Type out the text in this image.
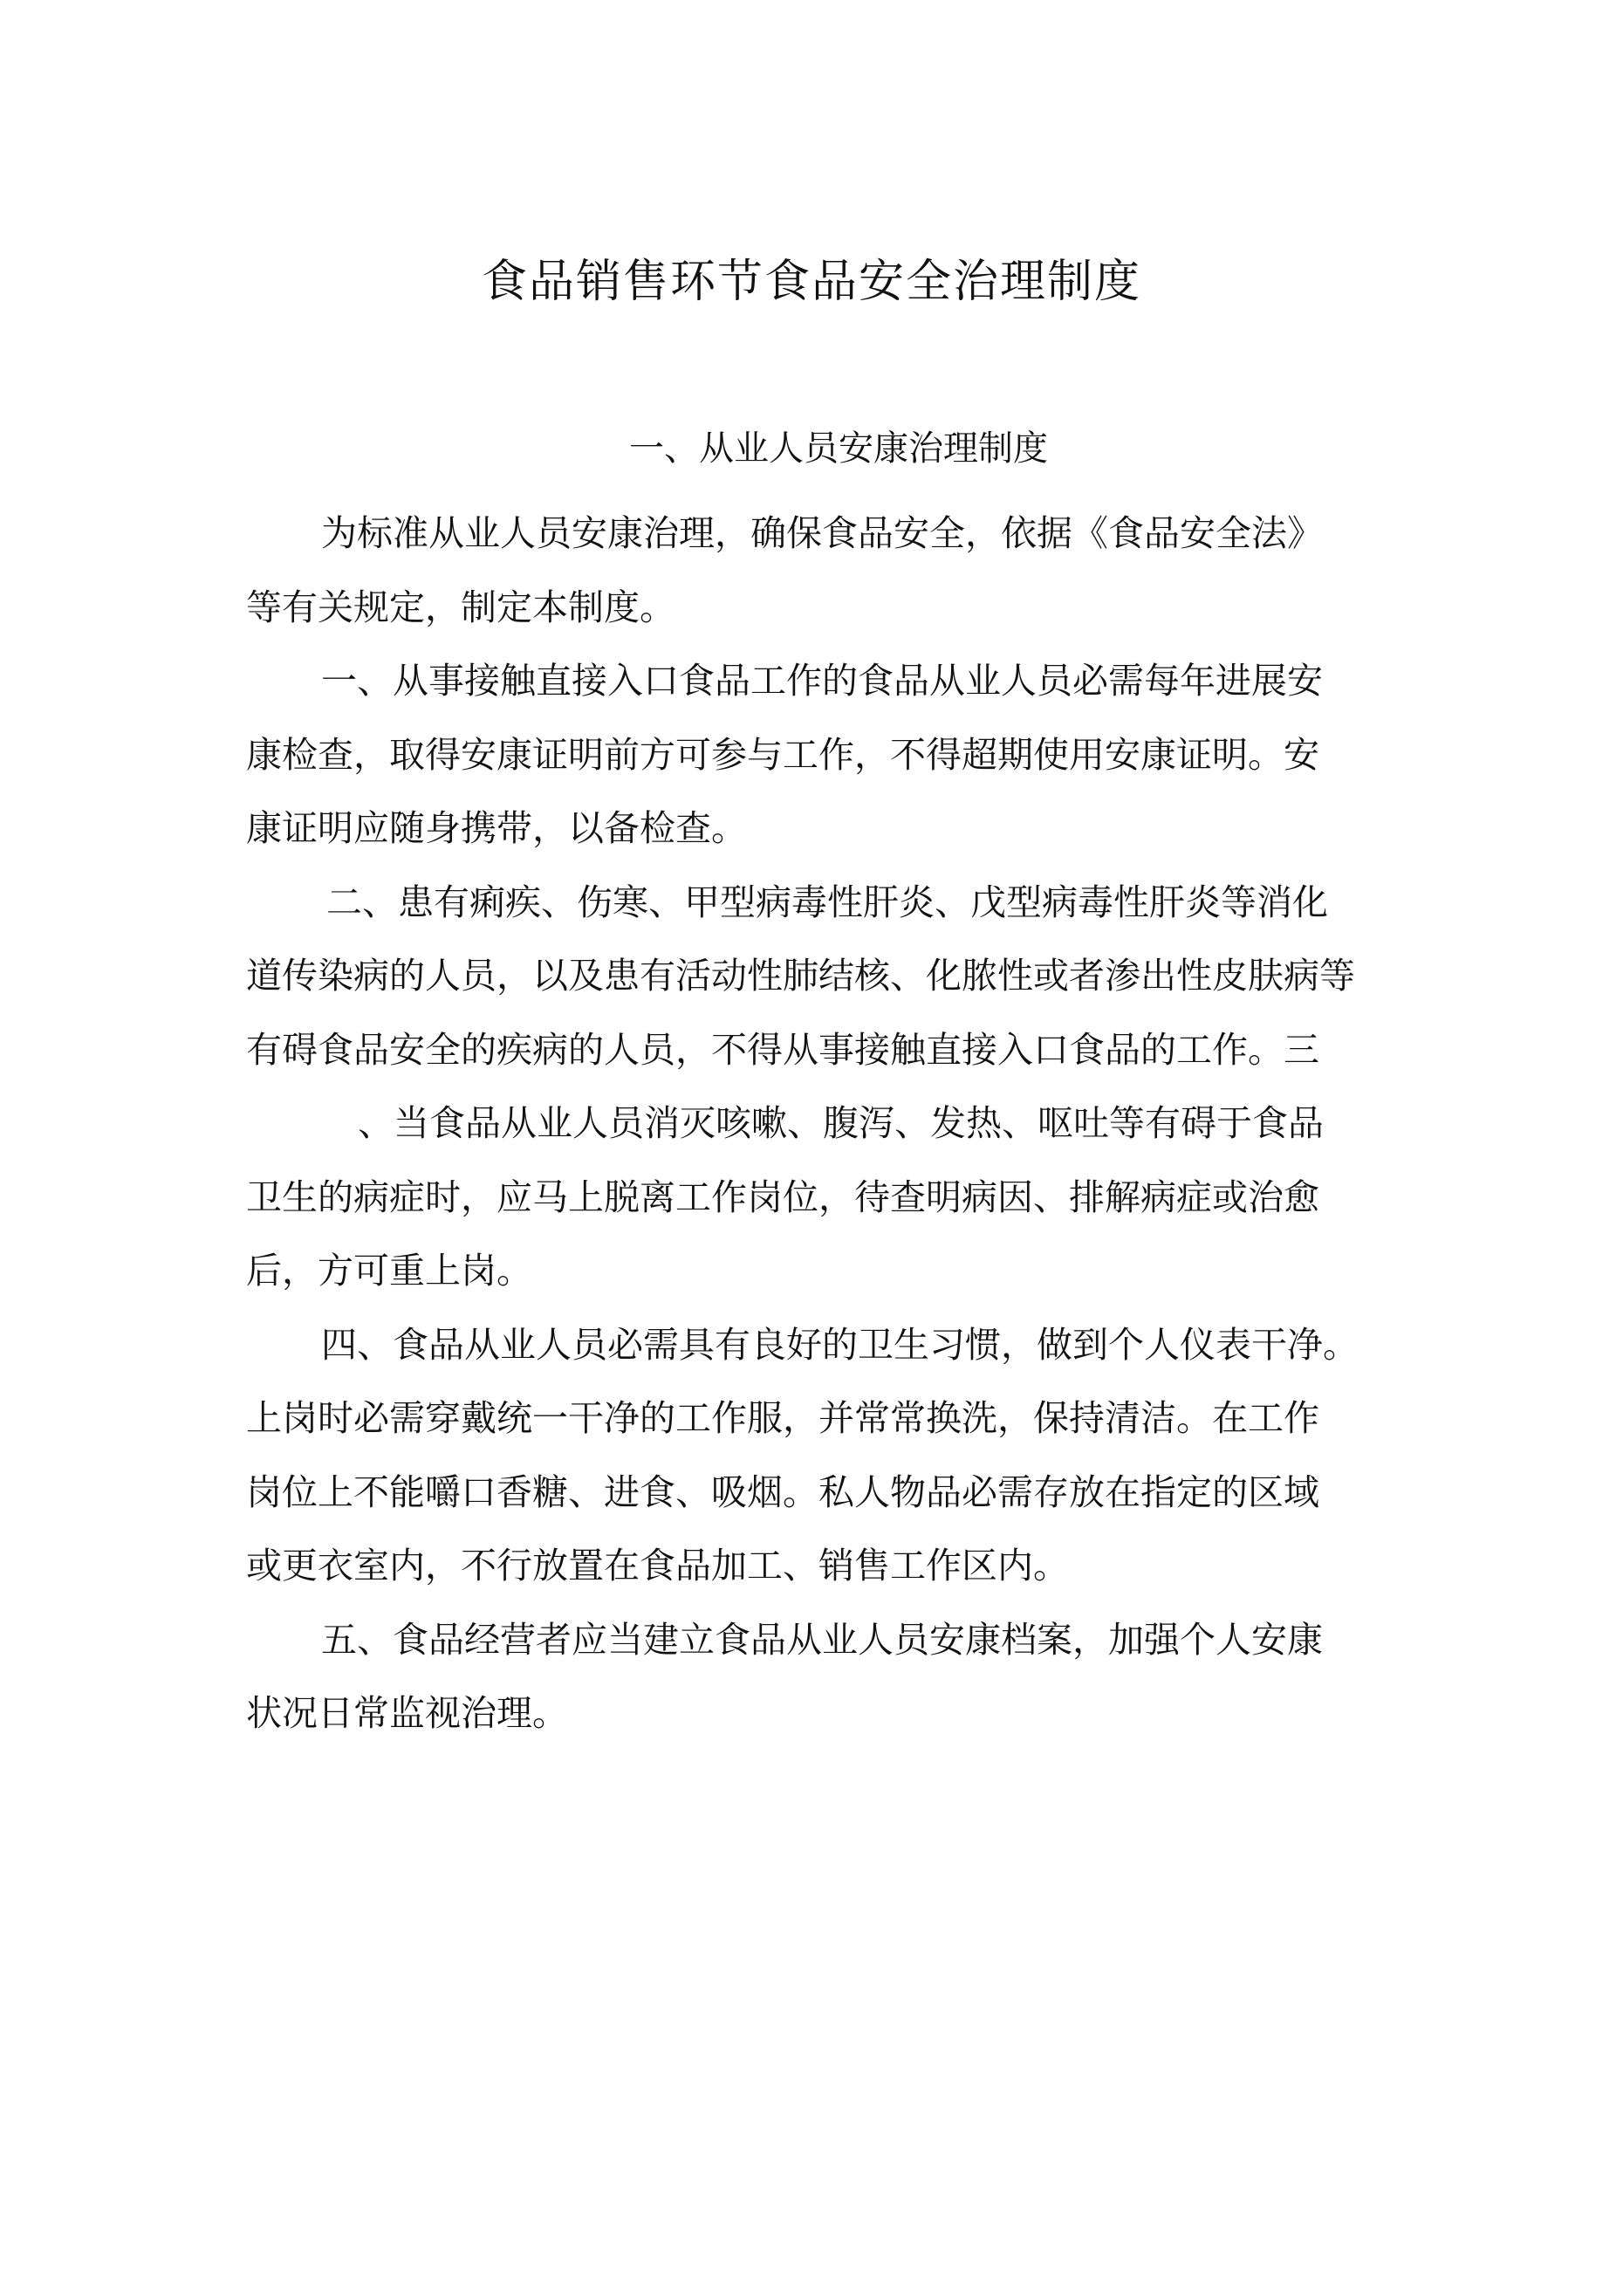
食品销售环节食品安全治理制度
一、从业人员安康治理制度

为标准从业人员安康治理，确保食品安全，依据《食品安全法》

等有关规定，制定本制度。

一、从事接触直接入口食品工作的食品从业人员必需每年进展安

康检查，取得安康证明前方可参与工作，不得超期使用安康证明。安

康证明应随身携带，以备检查。

二、患有痢疾、伤寒、甲型病毒性肝炎、戊型病毒性肝炎等消化

道传染病的人员，以及患有活动性肺结核、化脓性或者渗出性皮肤病等

有碍食品安全的疾病的人员，不得从事接触直接入口食品的工作。三

、当食品从业人员消灭咳嗽、腹泻、发热、呕吐等有碍于食品

卫生的病症时，应马上脱离工作岗位，待查明病因、排解病症或治愈

后，方可重上岗。

四、食品从业人员必需具有良好的卫生习惯，做到个人仪表干净。

上岗时必需穿戴统一干净的工作服，并常常换洗，保持清洁。在工作

岗位上不能嚼口香糖、进食、吸烟。私人物品必需存放在指定的区域

或更衣室内，不行放置在食品加工、销售工作区内。

五、食品经营者应当建立食品从业人员安康档案，加强个人安康

状况日常监视治理。
